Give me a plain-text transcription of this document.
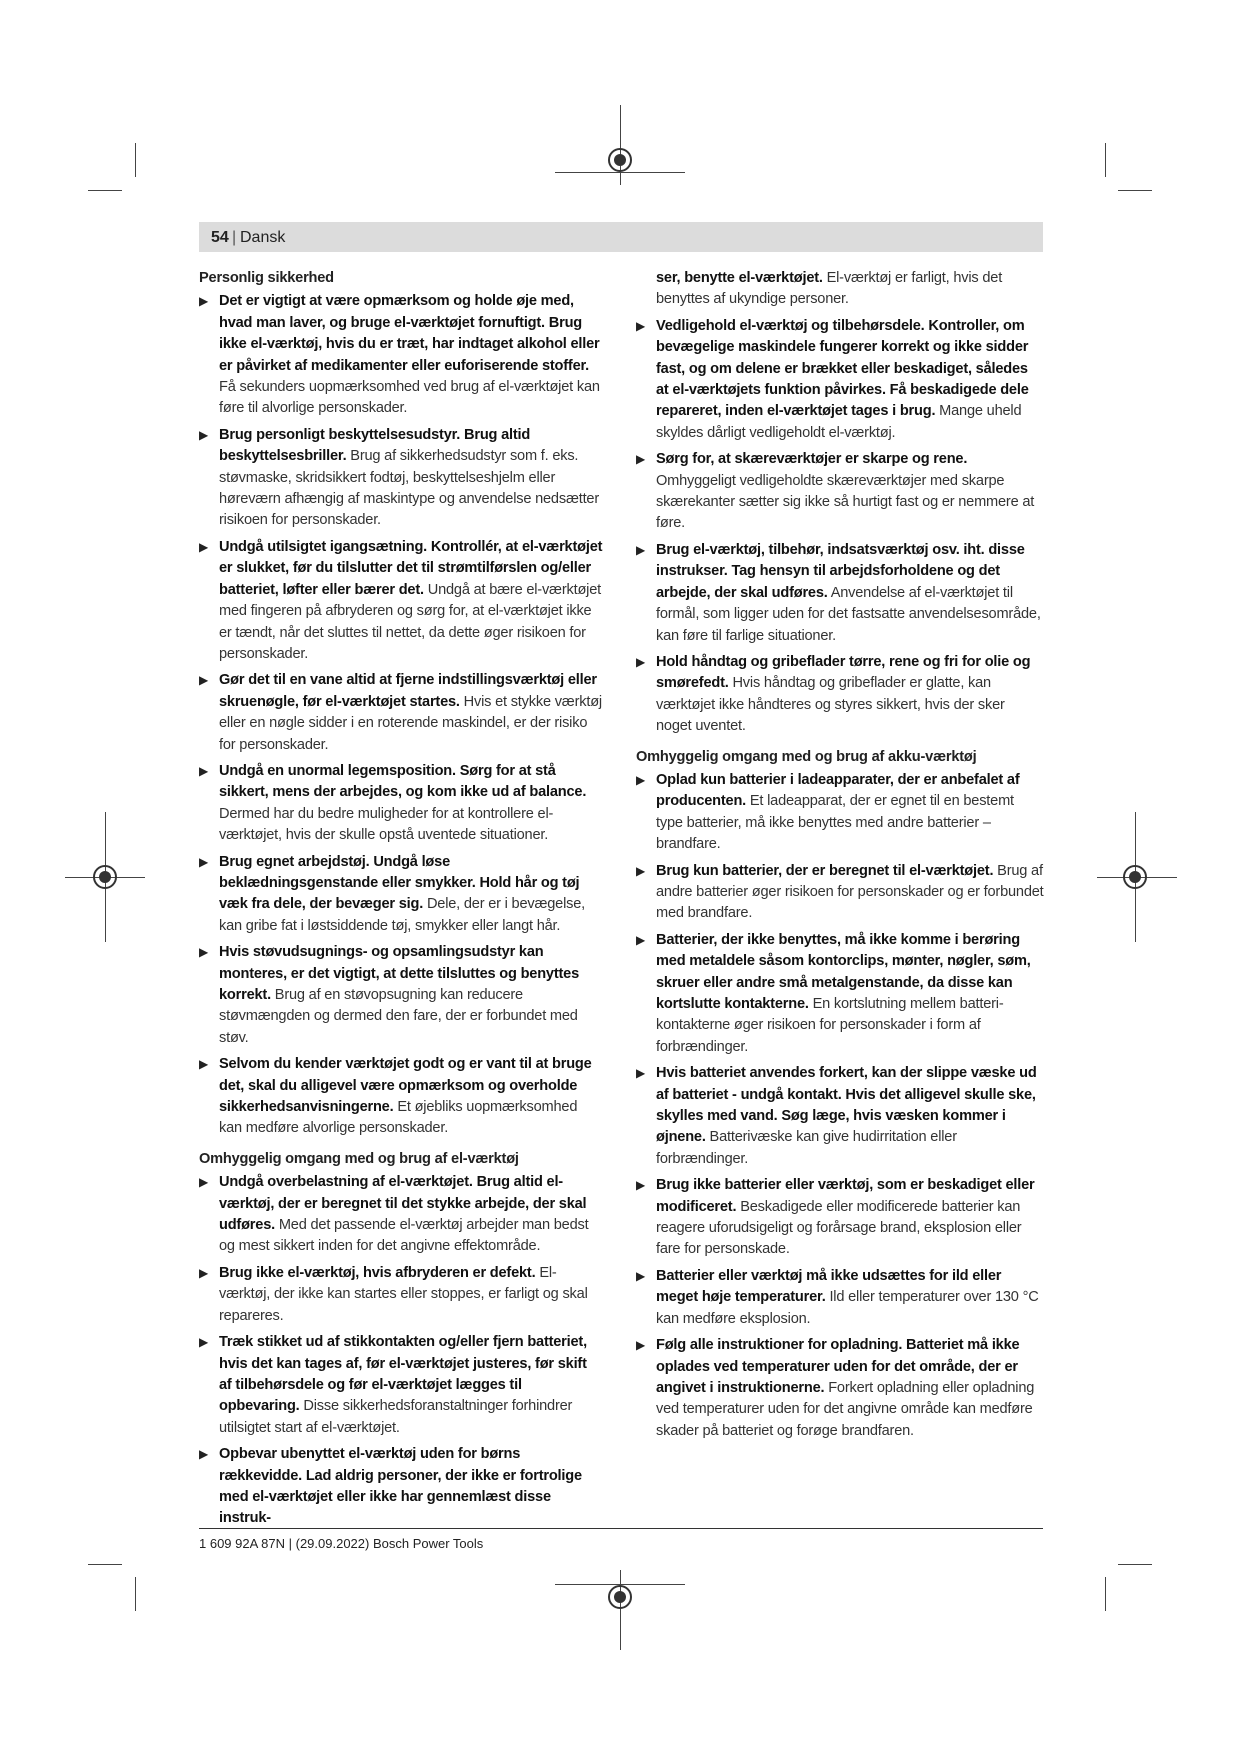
54 | Dansk
Personlig sikkerhed
▶ Det er vigtigt at være opmærksom og holde øje med, hvad man laver, og bruge el-værktøjet fornuftigt. Brug ikke el-værktøj, hvis du er træt, har indtaget alkohol eller er påvirket af medikamenter eller euforiserende stoffer. Få sekunders uopmærksomhed ved brug af el-værktøjet kan føre til alvorlige personskader.
▶ Brug personligt beskyttelsesudstyr. Brug altid beskyttelsesbriller. Brug af sikkerhedsudstyr som f. eks. støvmaske, skridsikkert fodtøj, beskyttelseshjelm eller høreværn afhængig af maskintype og anvendelse nedsætter risikoen for personskader.
▶ Undgå utilsigtet igangsætning. Kontrollér, at el-værktøjet er slukket, før du tilslutter det til strømtilførslen og/eller batteriet, løfter eller bærer det. Undgå at bære el-værktøjet med fingeren på afbryderen og sørg for, at el-værktøjet ikke er tændt, når det sluttes til nettet, da dette øger risikoen for personskader.
▶ Gør det til en vane altid at fjerne indstillingsværktøj eller skruenøgle, før el-værktøjet startes. Hvis et stykke værktøj eller en nøgle sidder i en roterende maskindel, er der risiko for personskader.
▶ Undgå en unormal legemsposition. Sørg for at stå sikkert, mens der arbejdes, og kom ikke ud af balance. Dermed har du bedre muligheder for at kontrollere el-værktøjet, hvis der skulle opstå uventede situationer.
▶ Brug egnet arbejdstøj. Undgå løse beklædningsgenstande eller smykker. Hold hår og tøj væk fra dele, der bevæger sig. Dele, der er i bevægelse, kan gribe fat i løstsiddende tøj, smykker eller langt hår.
▶ Hvis støvudsugnings- og opsamlingsudstyr kan monteres, er det vigtigt, at dette tilsluttes og benyttes korrekt. Brug af en støvopsugning kan reducere støvmængden og dermed den fare, der er forbundet med støv.
▶ Selvom du kender værktøjet godt og er vant til at bruge det, skal du alligevel være opmærksom og overholde sikkerhedsanvisningerne. Et øjebliks uopmærksomhed kan medføre alvorlige personskader.
Omhyggelig omgang med og brug af el-værktøj
▶ Undgå overbelastning af el-værktøjet. Brug altid el-værktøj, der er beregnet til det stykke arbejde, der skal udføres. Med det passende el-værktøj arbejder man bedst og mest sikkert inden for det angivne effektområde.
▶ Brug ikke el-værktøj, hvis afbryderen er defekt. El-værktøj, der ikke kan startes eller stoppes, er farligt og skal repareres.
▶ Træk stikket ud af stikkontakten og/eller fjern batteriet, hvis det kan tages af, før el-værktøjet justeres, før skift af tilbehørsdele og før el-værktøjet lægges til opbevaring. Disse sikkerhedsforanstaltninger forhindrer utilsigtet start af el-værktøjet.
▶ Opbevar ubenyttet el-værktøj uden for børns rækkevidde. Lad aldrig personer, der ikke er fortrolige med el-værktøjet eller ikke har gennemlæst disse instruk-
ser, benytte el-værktøjet. El-værktøj er farligt, hvis det benyttes af ukyndige personer.
▶ Vedligehold el-værktøj og tilbehørsdele. Kontroller, om bevægelige maskindele fungerer korrekt og ikke sidder fast, og om delene er brækket eller beskadiget, således at el-værktøjets funktion påvirkes. Få beskadigede dele repareret, inden el-værktøjet tages i brug. Mange uheld skyldes dårligt vedligeholdt el-værktøj.
▶ Sørg for, at skæreværktøjer er skarpe og rene. Omhyggeligt vedligeholdte skæreværktøjer med skarpe skærekanter sætter sig ikke så hurtigt fast og er nemmere at føre.
▶ Brug el-værktøj, tilbehør, indsatsværktøj osv. iht. disse instrukser. Tag hensyn til arbejdsforholdene og det arbejde, der skal udføres. Anvendelse af el-værktøjet til formål, som ligger uden for det fastsatte anvendelsesområde, kan føre til farlige situationer.
▶ Hold håndtag og gribeflader tørre, rene og fri for olie og smørefedt. Hvis håndtag og gribeflader er glatte, kan værktøjet ikke håndteres og styres sikkert, hvis der sker noget uventet.
Omhyggelig omgang med og brug af akku-værktøj
▶ Oplad kun batterier i ladeapparater, der er anbefalet af producenten. Et ladeapparat, der er egnet til en bestemt type batterier, må ikke benyttes med andre batterier – brandfare.
▶ Brug kun batterier, der er beregnet til el-værktøjet. Brug af andre batterier øger risikoen for personskader og er forbundet med brandfare.
▶ Batterier, der ikke benyttes, må ikke komme i berøring med metaldele såsom kontorclips, mønter, nøgler, søm, skruer eller andre små metalgenstande, da disse kan kortslutte kontakterne. En kortslutning mellem batteri-kontakterne øger risikoen for personskader i form af forbrændinger.
▶ Hvis batteriet anvendes forkert, kan der slippe væske ud af batteriet - undgå kontakt. Hvis det alligevel skulle ske, skylles med vand. Søg læge, hvis væsken kommer i øjnene. Batterivæske kan give hudirritation eller forbrændinger.
▶ Brug ikke batterier eller værktøj, som er beskadiget eller modificeret. Beskadigede eller modificerede batterier kan reagere uforudsigeligt og forårsage brand, eksplosion eller fare for personskade.
▶ Batterier eller værktøj må ikke udsættes for ild eller meget høje temperaturer. Ild eller temperaturer over 130 °C kan medføre eksplosion.
▶ Følg alle instruktioner for opladning. Batteriet må ikke oplades ved temperaturer uden for det område, der er angivet i instruktionerne. Forkert opladning eller opladning ved temperaturer uden for det angivne område kan medføre skader på batteriet og forøge brandfaren.
1 609 92A 87N | (29.09.2022) Bosch Power Tools
